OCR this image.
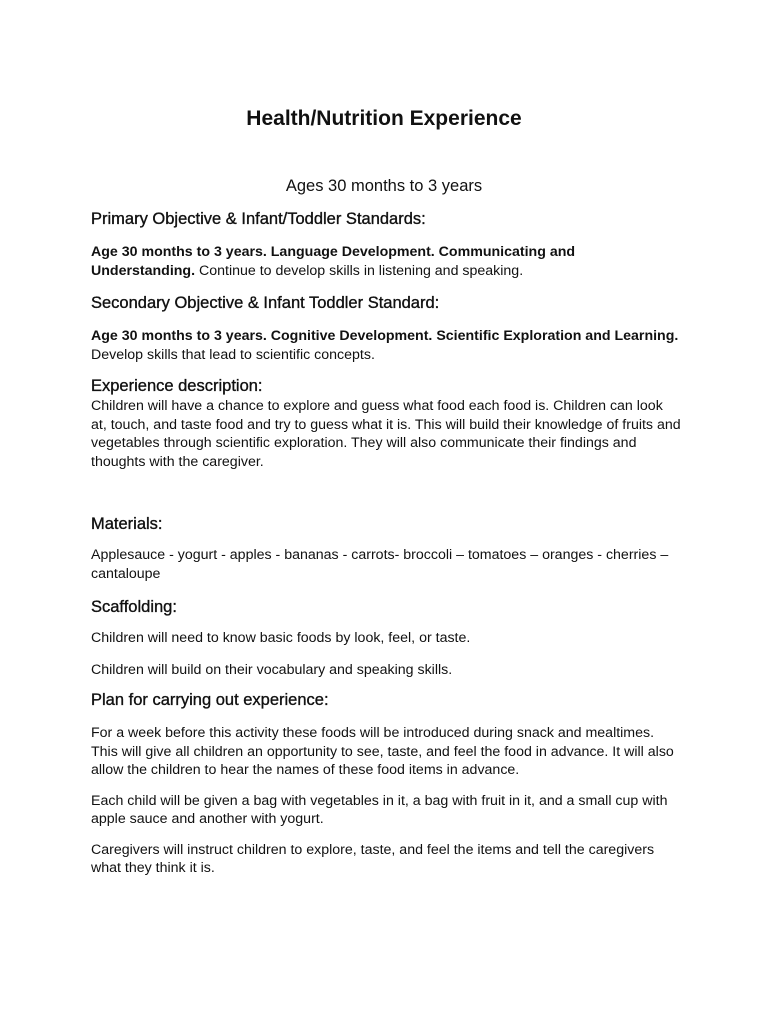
Health/Nutrition Experience
Ages 30 months to 3 years
Primary Objective & Infant/Toddler Standards:

Age 30 months to 3 years. Language Development. Communicating and Understanding. Continue to develop skills in listening and speaking.

Secondary Objective & Infant Toddler Standard:

Age 30 months to 3 years. Cognitive Development. Scientific Exploration and Learning. Develop skills that lead to scientific concepts.

Experience description:

Children will have a chance to explore and guess what food each food is. Children can look at, touch, and taste food and try to guess what it is. This will build their knowledge of fruits and vegetables through scientific exploration. They will also communicate their findings and thoughts with the caregiver.

Materials:

Applesauce - yogurt - apples - bananas - carrots- broccoli – tomatoes – oranges - cherries – cantaloupe

Scaffolding:

Children will need to know basic foods by look, feel, or taste.

Children will build on their vocabulary and speaking skills.

Plan for carrying out experience:

For a week before this activity these foods will be introduced during snack and mealtimes. This will give all children an opportunity to see, taste, and feel the food in advance. It will also allow the children to hear the names of these food items in advance.

Each child will be given a bag with vegetables in it, a bag with fruit in it, and a small cup with apple sauce and another with yogurt.

Caregivers will instruct children to explore, taste, and feel the items and tell the caregivers what they think it is.
